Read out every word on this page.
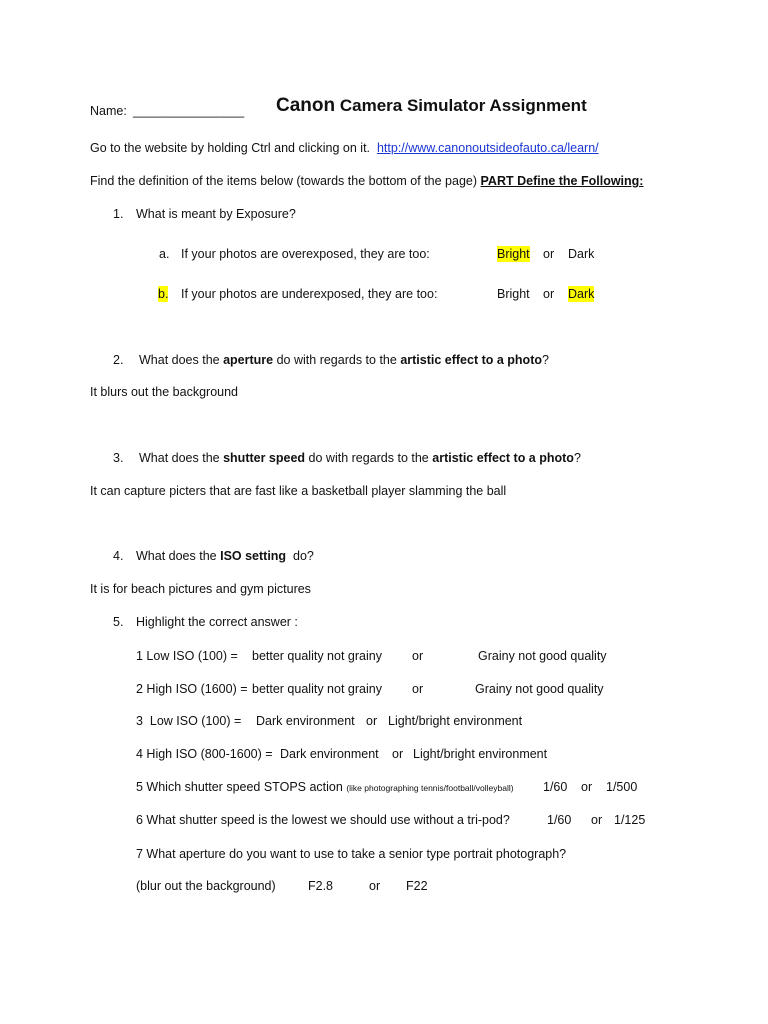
Name: ________________ Canon Camera Simulator Assignment
Go to the website by holding Ctrl and clicking on it. http://www.canonoutsideofauto.ca/learn/
Find the definition of the items below (towards the bottom of the page) PART Define the Following:
1. What is meant by Exposure?
a. If your photos are overexposed, they are too:	Bright or Dark
b. If your photos are underexposed, they are too:	Bright or Dark
2. What does the aperture do with regards to the artistic effect to a photo?
It blurs out the background
3. What does the shutter speed do with regards to the artistic effect to a photo?
It can capture picters that are fast like a basketball player slamming the ball
4. What does the ISO setting do?
It is for beach pictures and gym pictures
5. Highlight the correct answer :
1 Low ISO (100) = better quality not grainy or	Grainy not good quality
2 High ISO (1600) = better quality not grainy or	Grainy not good quality
3  Low ISO (100) = Dark environment or Light/bright environment
4 High ISO (800-1600) = Dark environment or Light/bright environment
5 Which shutter speed STOPS action (like photographing tennis/football/volleyball) 1/60 or 1/500
6 What shutter speed is the lowest we should use without a tri-pod?	1/60 or 1/125
7 What aperture do you want to use to take a senior type portrait photograph?
(blur out the background)	F2.8	or F22
